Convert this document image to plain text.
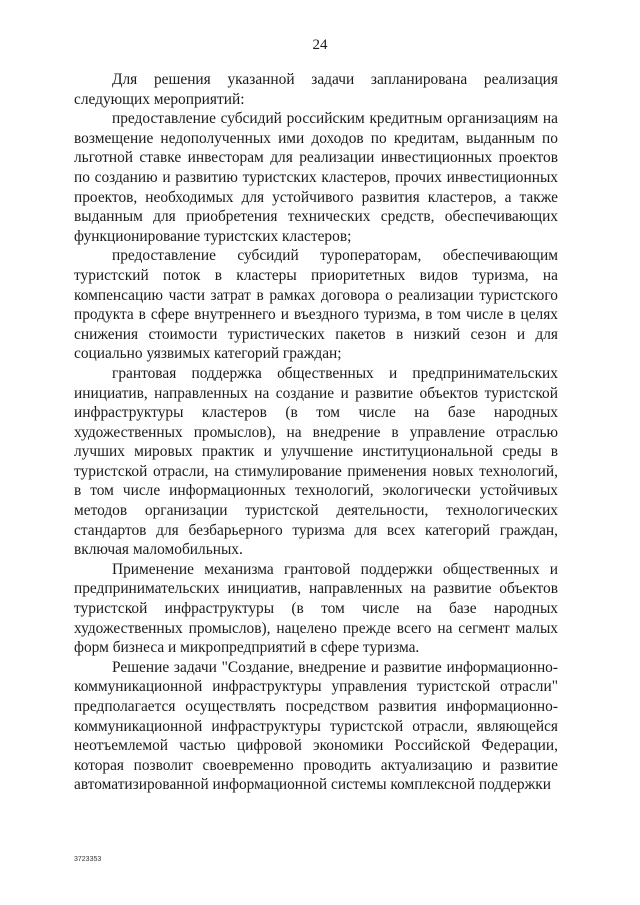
24

Для решения указанной задачи запланирована реализация следующих мероприятий:

предоставление субсидий российским кредитным организациям на возмещение недополученных ими доходов по кредитам, выданным по льготной ставке инвесторам для реализации инвестиционных проектов по созданию и развитию туристских кластеров, прочих инвестиционных проектов, необходимых для устойчивого развития кластеров, а также выданным для приобретения технических средств, обеспечивающих функционирование туристских кластеров;

предоставление субсидий туроператорам, обеспечивающим туристский поток в кластеры приоритетных видов туризма, на компенсацию части затрат в рамках договора о реализации туристского продукта в сфере внутреннего и въездного туризма, в том числе в целях снижения стоимости туристических пакетов в низкий сезон и для социально уязвимых категорий граждан;

грантовая поддержка общественных и предпринимательских инициатив, направленных на создание и развитие объектов туристской инфраструктуры кластеров (в том числе на базе народных художественных промыслов), на внедрение в управление отраслью лучших мировых практик и улучшение институциональной среды в туристской отрасли, на стимулирование применения новых технологий, в том числе информационных технологий, экологически устойчивых методов организации туристской деятельности, технологических стандартов для безбарьерного туризма для всех категорий граждан, включая маломобильных.

Применение механизма грантовой поддержки общественных и предпринимательских инициатив, направленных на развитие объектов туристской инфраструктуры (в том числе на базе народных художественных промыслов), нацелено прежде всего на сегмент малых форм бизнеса и микропредприятий в сфере туризма.

Решение задачи "Создание, внедрение и развитие информационно-коммуникационной инфраструктуры управления туристской отрасли" предполагается осуществлять посредством развития информационно-коммуникационной инфраструктуры туристской отрасли, являющейся неотъемлемой частью цифровой экономики Российской Федерации, которая позволит своевременно проводить актуализацию и развитие автоматизированной информационной системы комплексной поддержки

3723353
